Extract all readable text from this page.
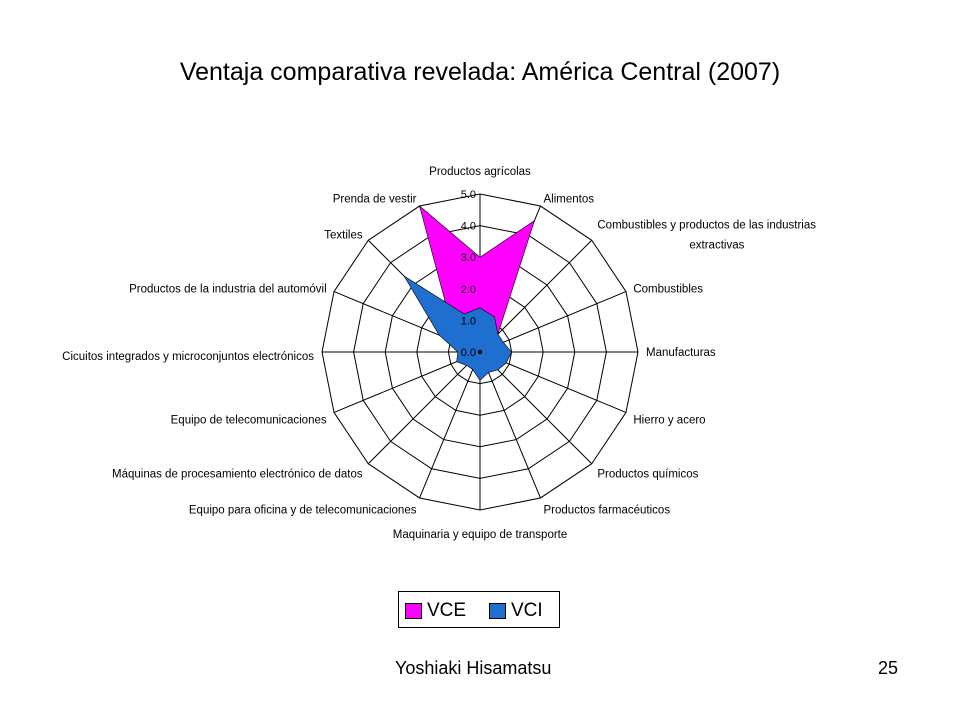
Ventaja comparativa revelada: América Central (2007)
0.0
1.0
2.0
3.0
4.0
5.0
Productos agrícolas
Alimentos
Combustibles y productos de las industrias extractivas
Combustibles
Manufacturas
Hierro y acero
Productos químicos
Productos farmacéuticos
Maquinaria y equipo de transporte
Equipo para oficina y de telecomunicaciones
Máquinas de procesamiento electrónico de datos
Equipo de telecomunicaciones
Cicuitos integrados y microconjuntos electrónicos
Productos de la industria del automóvil
Textiles
Prenda de vestir
VCE VCI
Yoshiaki Hisamatsu	25
